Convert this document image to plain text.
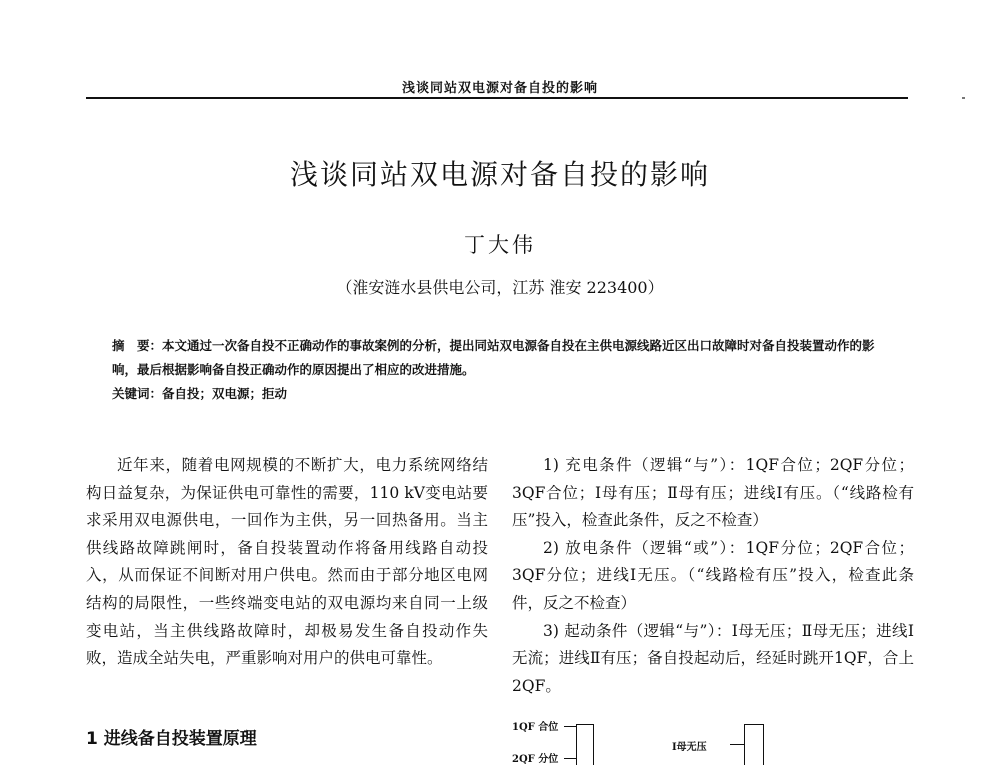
浅谈同站双电源对备自投的影响
浅谈同站双电源对备自投的影响
丁大伟
（淮安涟水县供电公司，江苏 淮安 223400）
摘　要：本文通过一次备自投不正确动作的事故案例的分析，提出同站双电源备自投在主供电源线路近区出口故障时对备自投装置动作的影响，最后根据影响备自投正确动作的原因提出了相应的改进措施。
关键词：备自投；双电源；拒动

近年来，随着电网规模的不断扩大，电力系统网络结构日益复杂，为保证供电可靠性的需要，110 kV变电站要求采用双电源供电，一回作为主供，另一回热备用。当主供线路故障跳闸时，备自投装置动作将备用线路自动投入，从而保证不间断对用户供电。然而由于部分地区电网结构的局限性，一些终端变电站的双电源均来自同一上级变电站，当主供线路故障时，却极易发生备自投动作失败，造成全站失电，严重影响对用户的供电可靠性。

1 进线备自投装置原理

1) 充电条件（逻辑“与”）：1QF合位；2QF分位；3QF合位；Ⅰ母有压；Ⅱ母有压；进线Ⅰ有压。（“线路检有压”投入，检查此条件，反之不检查）

2) 放电条件（逻辑“或”）：1QF分位；2QF合位；3QF分位；进线Ⅰ无压。（“线路检有压”投入，检查此条件，反之不检查）

3) 起动条件（逻辑“与”）：Ⅰ母无压；Ⅱ母无压；进线Ⅰ无流；进线Ⅱ有压；备自投起动后，经延时跳开1QF，合上2QF。

1QF 合位
2QF 分位
Ⅰ母无压
